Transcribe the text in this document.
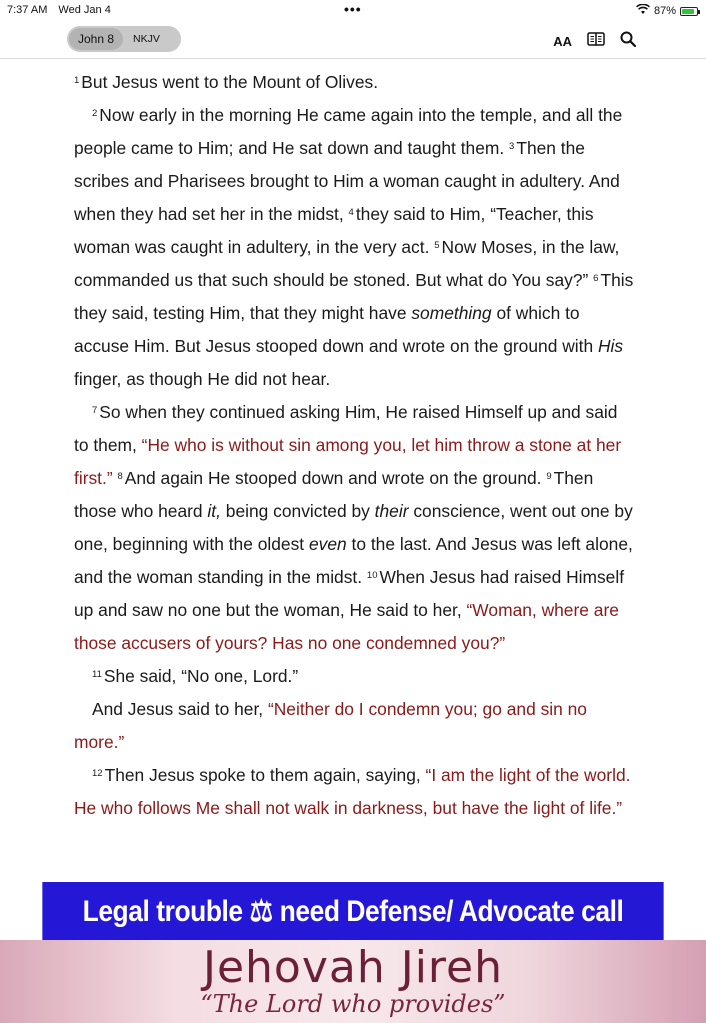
7:37 AM Wed Jan 4	•••	87%
John 8	NKJV	AA

$^1$ But Jesus went to the Mount of Olives.

$^2$ Now early in the morning He came again into the temple, and all the people came to Him; and He sat down and taught them. $^3$ Then the scribes and Pharisees brought to Him a woman caught in adultery. And when they had set her in the midst, $^4$ they said to Him, “Teacher, this woman was caught in adultery, in the very act. $^5$ Now Moses, in the law, commanded us that such should be stoned. But what do You say?” $^6$ This they said, testing Him, that they might have something of which to accuse Him. But Jesus stooped down and wrote on the ground with His finger, as though He did not hear.

$^7$ So when they continued asking Him, He raised Himself up and said to them, “He who is without sin among you, let him throw a stone at her first.” $^8$ And again He stooped down and wrote on the ground. $^9$ Then those who heard it, being convicted by their conscience, went out one by one, beginning with the oldest even to the last. And Jesus was left alone, and the woman standing in the midst. $^{10}$ When Jesus had raised Himself up and saw no one but the woman, He said to her, “Woman, where are those accusers of yours? Has no one condemned you?”

$^{11}$ She said, “No one, Lord.”

And Jesus said to her, “Neither do I condemn you; go and sin no more.”

$^{12}$ Then Jesus spoke to them again, saying, “I am the light of the world. He who follows Me shall not walk in darkness, but have the light of life.”

Legal trouble ⚖ need Defense/ Advocate call
Jehovah Jireh
“The Lord who provides”
